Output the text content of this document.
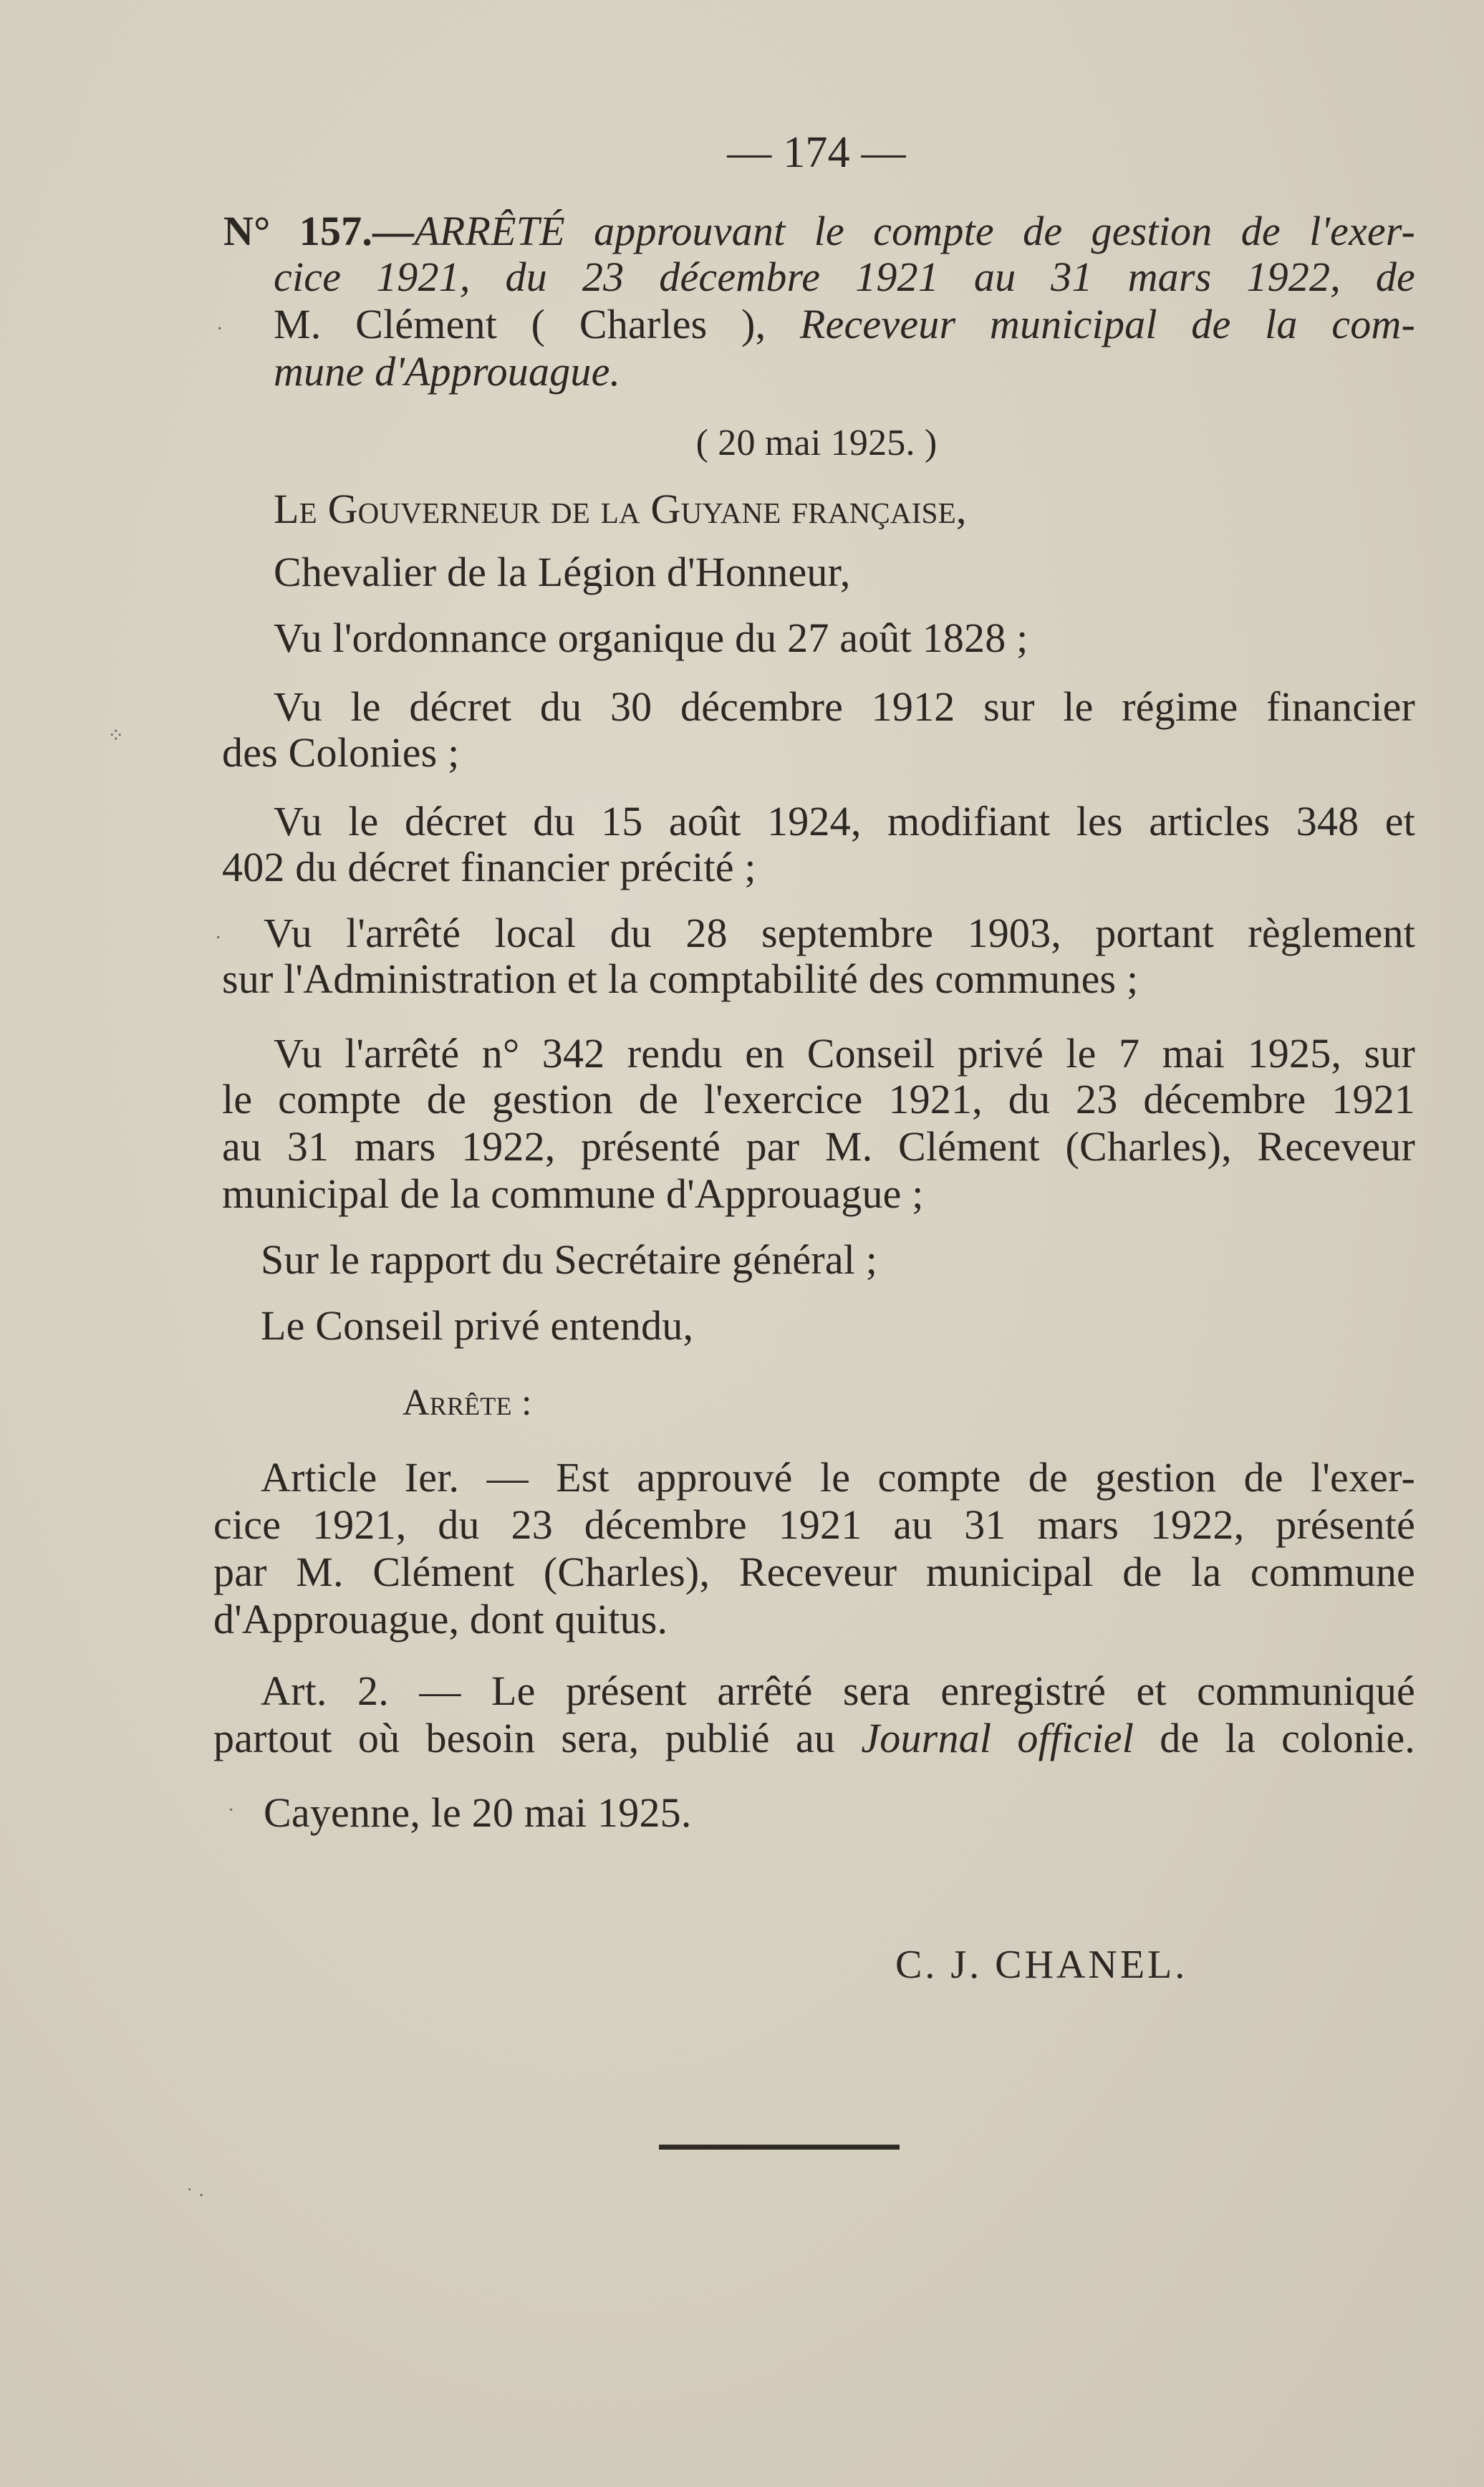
— 174 —
N° 157.—ARRÊTÉ approuvant le compte de gestion de l'exer-
cice 1921, du 23 décembre 1921 au 31 mars 1922, de
M. Clément ( Charles ), Receveur municipal de la com-
mune d'Approuague.
( 20 mai 1925. )
Le Gouverneur de la Guyane française,
Chevalier de la Légion d'Honneur,
Vu l'ordonnance organique du 27 août 1828 ;
Vu le décret du 30 décembre 1912 sur le régime financier
des Colonies ;
Vu le décret du 15 août 1924, modifiant les articles 348 et
402 du décret financier précité ;
Vu l'arrêté local du 28 septembre 1903, portant règlement
sur l'Administration et la comptabilité des communes ;
Vu l'arrêté n° 342 rendu en Conseil privé le 7 mai 1925, sur
le compte de gestion de l'exercice 1921, du 23 décembre 1921
au 31 mars 1922, présenté par M. Clément (Charles), Receveur
municipal de la commune d'Approuague ;
Sur le rapport du Secrétaire général ;
Le Conseil privé entendu,
Arrête :
Article Ier. — Est approuvé le compte de gestion de l'exer-
cice 1921, du 23 décembre 1921 au 31 mars 1922, présenté
par M. Clément (Charles), Receveur municipal de la commune
d'Approuague, dont quitus.
Art. 2. — Le présent arrêté sera enregistré et communiqué
partout où besoin sera, publié au Journal officiel de la colonie.
Cayenne, le 20 mai 1925.
C. J. CHANEL.
⁘
·
·
·
˙ ·
